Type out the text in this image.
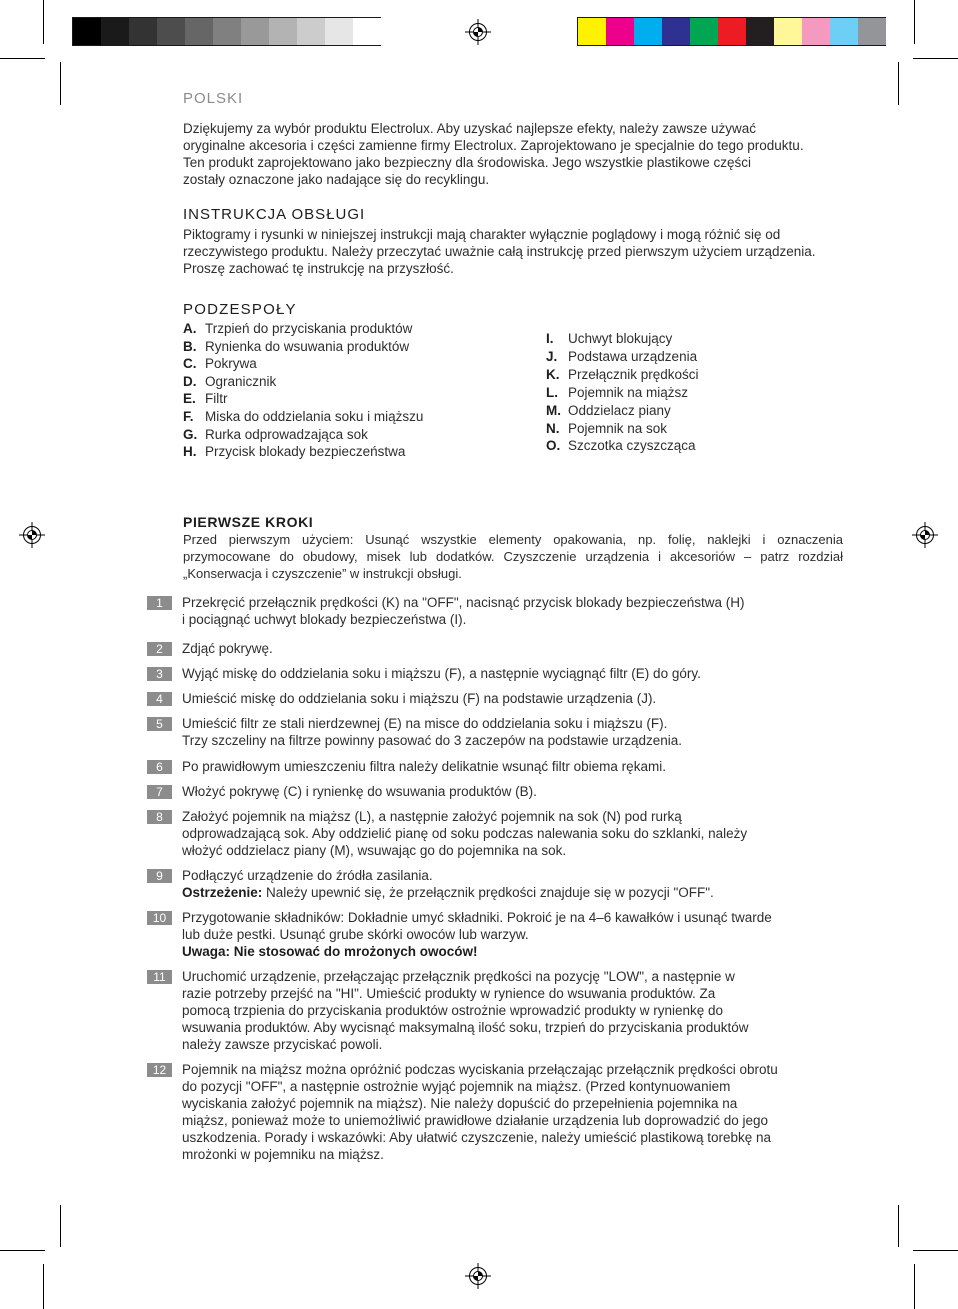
POLSKI
Dziękujemy za wybór produktu Electrolux. Aby uzyskać najlepsze efekty, należy zawsze używać
oryginalne akcesoria i części zamienne firmy Electrolux. Zaprojektowano je specjalnie do tego produktu.
Ten produkt zaprojektowano jako bezpieczny dla środowiska. Jego wszystkie plastikowe części
zostały oznaczone jako nadające się do recyklingu.
INSTRUKCJA OBSŁUGI
Piktogramy i rysunki w niniejszej instrukcji mają charakter wyłącznie poglądowy i mogą różnić się od
rzeczywistego produktu. Należy przeczytać uważnie całą instrukcję przed pierwszym użyciem urządzenia.
Proszę zachować tę instrukcję na przyszłość.
PODZESPOŁY
A. Trzpień do przyciskania produktów
B. Rynienka do wsuwania produktów
C. Pokrywa
D. Ogranicznik
E. Filtr
F. Miska do oddzielania soku i miąższu
G. Rurka odprowadzająca sok
H. Przycisk blokady bezpieczeństwa
I. Uchwyt blokujący
J. Podstawa urządzenia
K. Przełącznik prędkości
L. Pojemnik na miąższ
M. Oddzielacz piany
N. Pojemnik na sok
O. Szczotka czyszcząca
PIERWSZE KROKI
Przed pierwszym użyciem: Usunąć wszystkie elementy opakowania, np. folię, naklejki i oznaczenia
przymocowane do obudowy, misek lub dodatków. Czyszczenie urządzenia i akcesoriów – patrz rozdział
„Konserwacja i czyszczenie” w instrukcji obsługi.
1	Przekręcić przełącznik prędkości (K) na "OFF", nacisnąć przycisk blokady bezpieczeństwa (H)
i pociągnąć uchwyt blokady bezpieczeństwa (I).
2	Zdjąć pokrywę.
3	Wyjąć miskę do oddzielania soku i miąższu (F), a następnie wyciągnąć filtr (E) do góry.
4	Umieścić miskę do oddzielania soku i miąższu (F) na podstawie urządzenia (J).
5	Umieścić filtr ze stali nierdzewnej (E) na misce do oddzielania soku i miąższu (F).
Trzy szczeliny na filtrze powinny pasować do 3 zaczepów na podstawie urządzenia.
6	Po prawidłowym umieszczeniu filtra należy delikatnie wsunąć filtr obiema rękami.
7	Włożyć pokrywę (C) i rynienkę do wsuwania produktów (B).
8	Założyć pojemnik na miąższ (L), a następnie założyć pojemnik na sok (N) pod rurką
odprowadzającą sok. Aby oddzielić pianę od soku podczas nalewania soku do szklanki, należy
włożyć oddzielacz piany (M), wsuwając go do pojemnika na sok.
9	Podłączyć urządzenie do źródła zasilania.
Ostrzeżenie: Należy upewnić się, że przełącznik prędkości znajduje się w pozycji "OFF".
10	Przygotowanie składników: Dokładnie umyć składniki. Pokroić je na 4–6 kawałków i usunąć twarde
lub duże pestki. Usunąć grube skórki owoców lub warzyw.
Uwaga: Nie stosować do mrożonych owoców!
11	Uruchomić urządzenie, przełączając przełącznik prędkości na pozycję "LOW", a następnie w
razie potrzeby przejść na "HI". Umieścić produkty w rynience do wsuwania produktów. Za
pomocą trzpienia do przyciskania produktów ostrożnie wprowadzić produkty w rynienkę do
wsuwania produktów. Aby wycisnąć maksymalną ilość soku, trzpień do przyciskania produktów
należy zawsze przyciskać powoli.
12	Pojemnik na miąższ można opróżnić podczas wyciskania przełączając przełącznik prędkości obrotu
do pozycji "OFF", a następnie ostrożnie wyjąć pojemnik na miąższ. (Przed kontynuowaniem
wyciskania założyć pojemnik na miąższ). Nie należy dopuścić do przepełnienia pojemnika na
miąższ, ponieważ może to uniemożliwić prawidłowe działanie urządzenia lub doprowadzić do jego
uszkodzenia. Porady i wskazówki: Aby ułatwić czyszczenie, należy umieścić plastikową torebkę na
mrożonki w pojemniku na miąższ.
